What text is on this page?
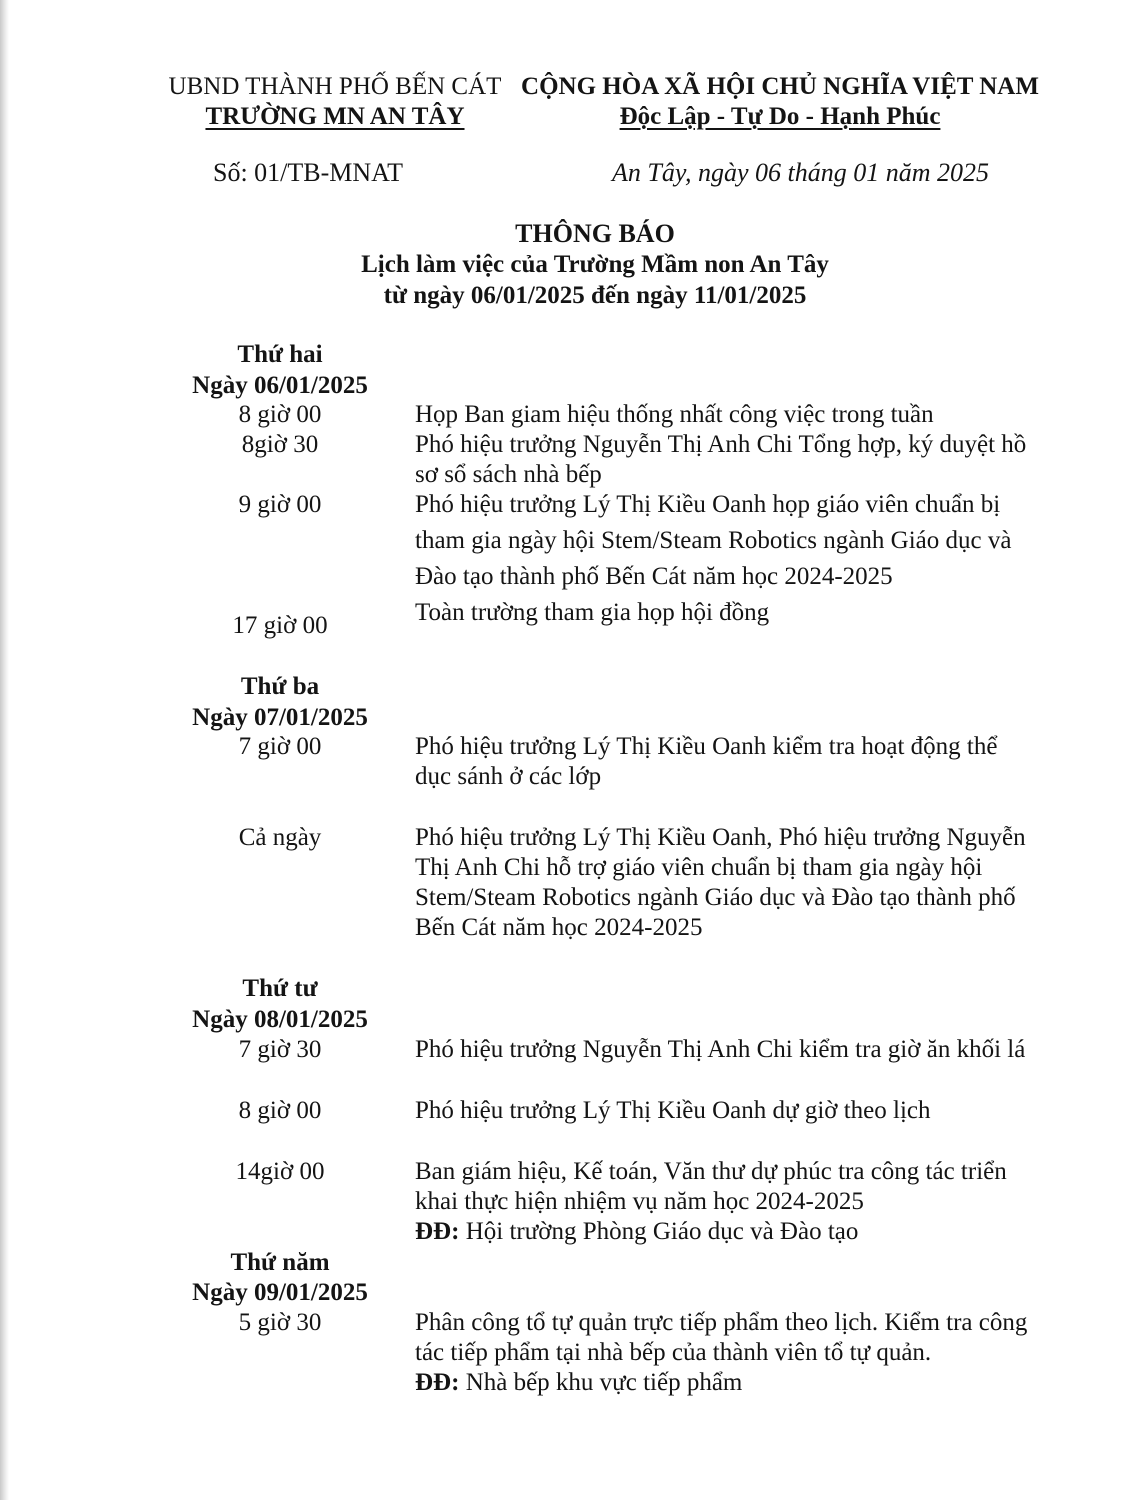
UBND THÀNH PHỐ BẾN CÁT
TRƯỜNG MN AN TÂY
CỘNG HÒA XÃ HỘI CHỦ NGHĨA VIỆT NAM
Độc Lập - Tự Do - Hạnh Phúc
Số: 01/TB-MNAT	An Tây, ngày 06 tháng 01 năm 2025
THÔNG BÁO
Lịch làm việc của Trường Mầm non An Tây
từ ngày 06/01/2025 đến ngày 11/01/2025
Thứ hai
Ngày 06/01/2025
8 giờ 00	Họp Ban giam hiệu thống nhất công việc trong tuần

8giờ 30	Phó hiệu trưởng Nguyễn Thị Anh Chi Tổng hợp, ký duyệt hồ

sơ sổ sách nhà bếp

9 giờ 00	Phó hiệu trưởng Lý Thị Kiều Oanh họp giáo viên chuẩn bị

tham gia ngày hội Stem/Steam Robotics ngành Giáo dục và

Đào tạo thành phố Bến Cát năm học 2024-2025

17 giờ 00	Toàn trường tham gia họp hội đồng

Thứ ba
Ngày 07/01/2025
7 giờ 00	Phó hiệu trưởng Lý Thị Kiều Oanh kiểm tra hoạt động thể

dục sánh ở các lớp

Cả ngày	Phó hiệu trưởng Lý Thị Kiều Oanh, Phó hiệu trưởng Nguyễn

Thị Anh Chi hỗ trợ giáo viên chuẩn bị tham gia ngày hội

Stem/Steam Robotics ngành Giáo dục và Đào tạo thành phố

Bến Cát năm học 2024-2025

Thứ tư
Ngày 08/01/2025
7 giờ 30	Phó hiệu trưởng Nguyễn Thị Anh Chi kiểm tra giờ ăn khối lá

8 giờ 00	Phó hiệu trưởng Lý Thị Kiều Oanh dự giờ theo lịch

14giờ 00	Ban giám hiệu, Kế toán, Văn thư dự phúc tra công tác triển

khai thực hiện nhiệm vụ năm học 2024-2025

ĐĐ: Hội trường Phòng Giáo dục và Đào tạo

Thứ năm
Ngày 09/01/2025
5 giờ 30	Phân công tổ tự quản trực tiếp phẩm theo lịch. Kiểm tra công

tác tiếp phẩm tại nhà bếp của thành viên tổ tự quản.

ĐĐ: Nhà bếp khu vực tiếp phẩm
